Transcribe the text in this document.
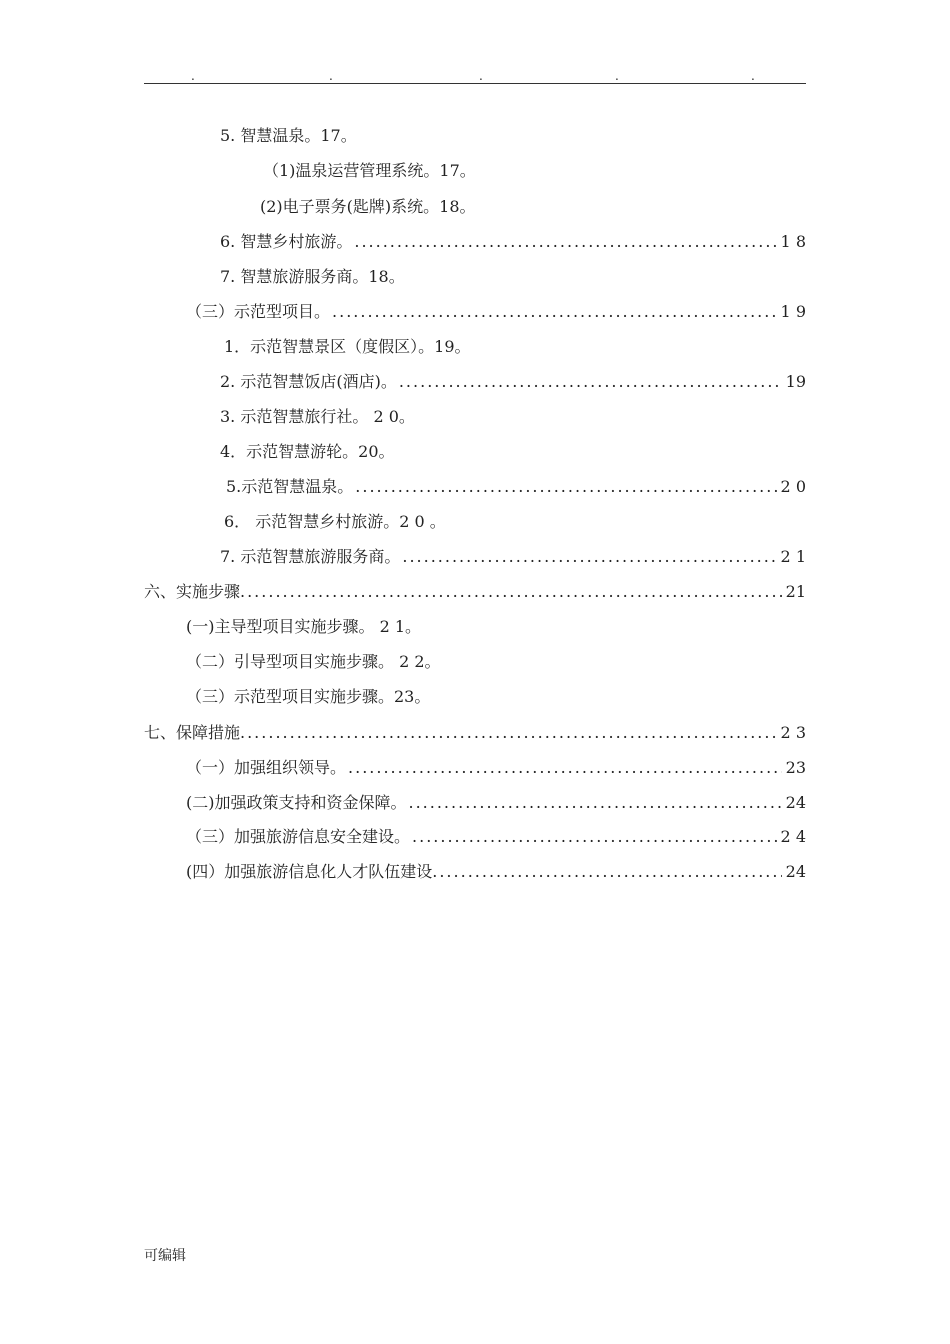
.	.	.	.	.
5. 智慧温泉。17。
（1)温泉运营管理系统。17。
(2)电子票务(匙牌)系统。18。
6. 智慧乡村旅游。 .....	1 8
7. 智慧旅游服务商。18。
（三）示范型项目。 .....	1 9
1．示范智慧景区（度假区）。19。
2. 示范智慧饭店(酒店)。 .....	19
3. 示范智慧旅行社。 2 0。
4．示范智慧游轮。20。
5.示范智慧温泉。 .....	2 0
6． 示范智慧乡村旅游。2 0 。
7. 示范智慧旅游服务商。 .....	2 1
六、实施步骤. .....	21
(一)主导型项目实施步骤。 2 1。
（二）引导型项目实施步骤。 2 2。
（三）示范型项目实施步骤。23。
七、保障措施. .....	2 3
（一）加强组织领导。 .....	23
(二)加强政策支持和资金保障。 .....	24
（三）加强旅游信息安全建设。 .....	2 4
(四）加强旅游信息化人才队伍建设. .....	24
可编辑
